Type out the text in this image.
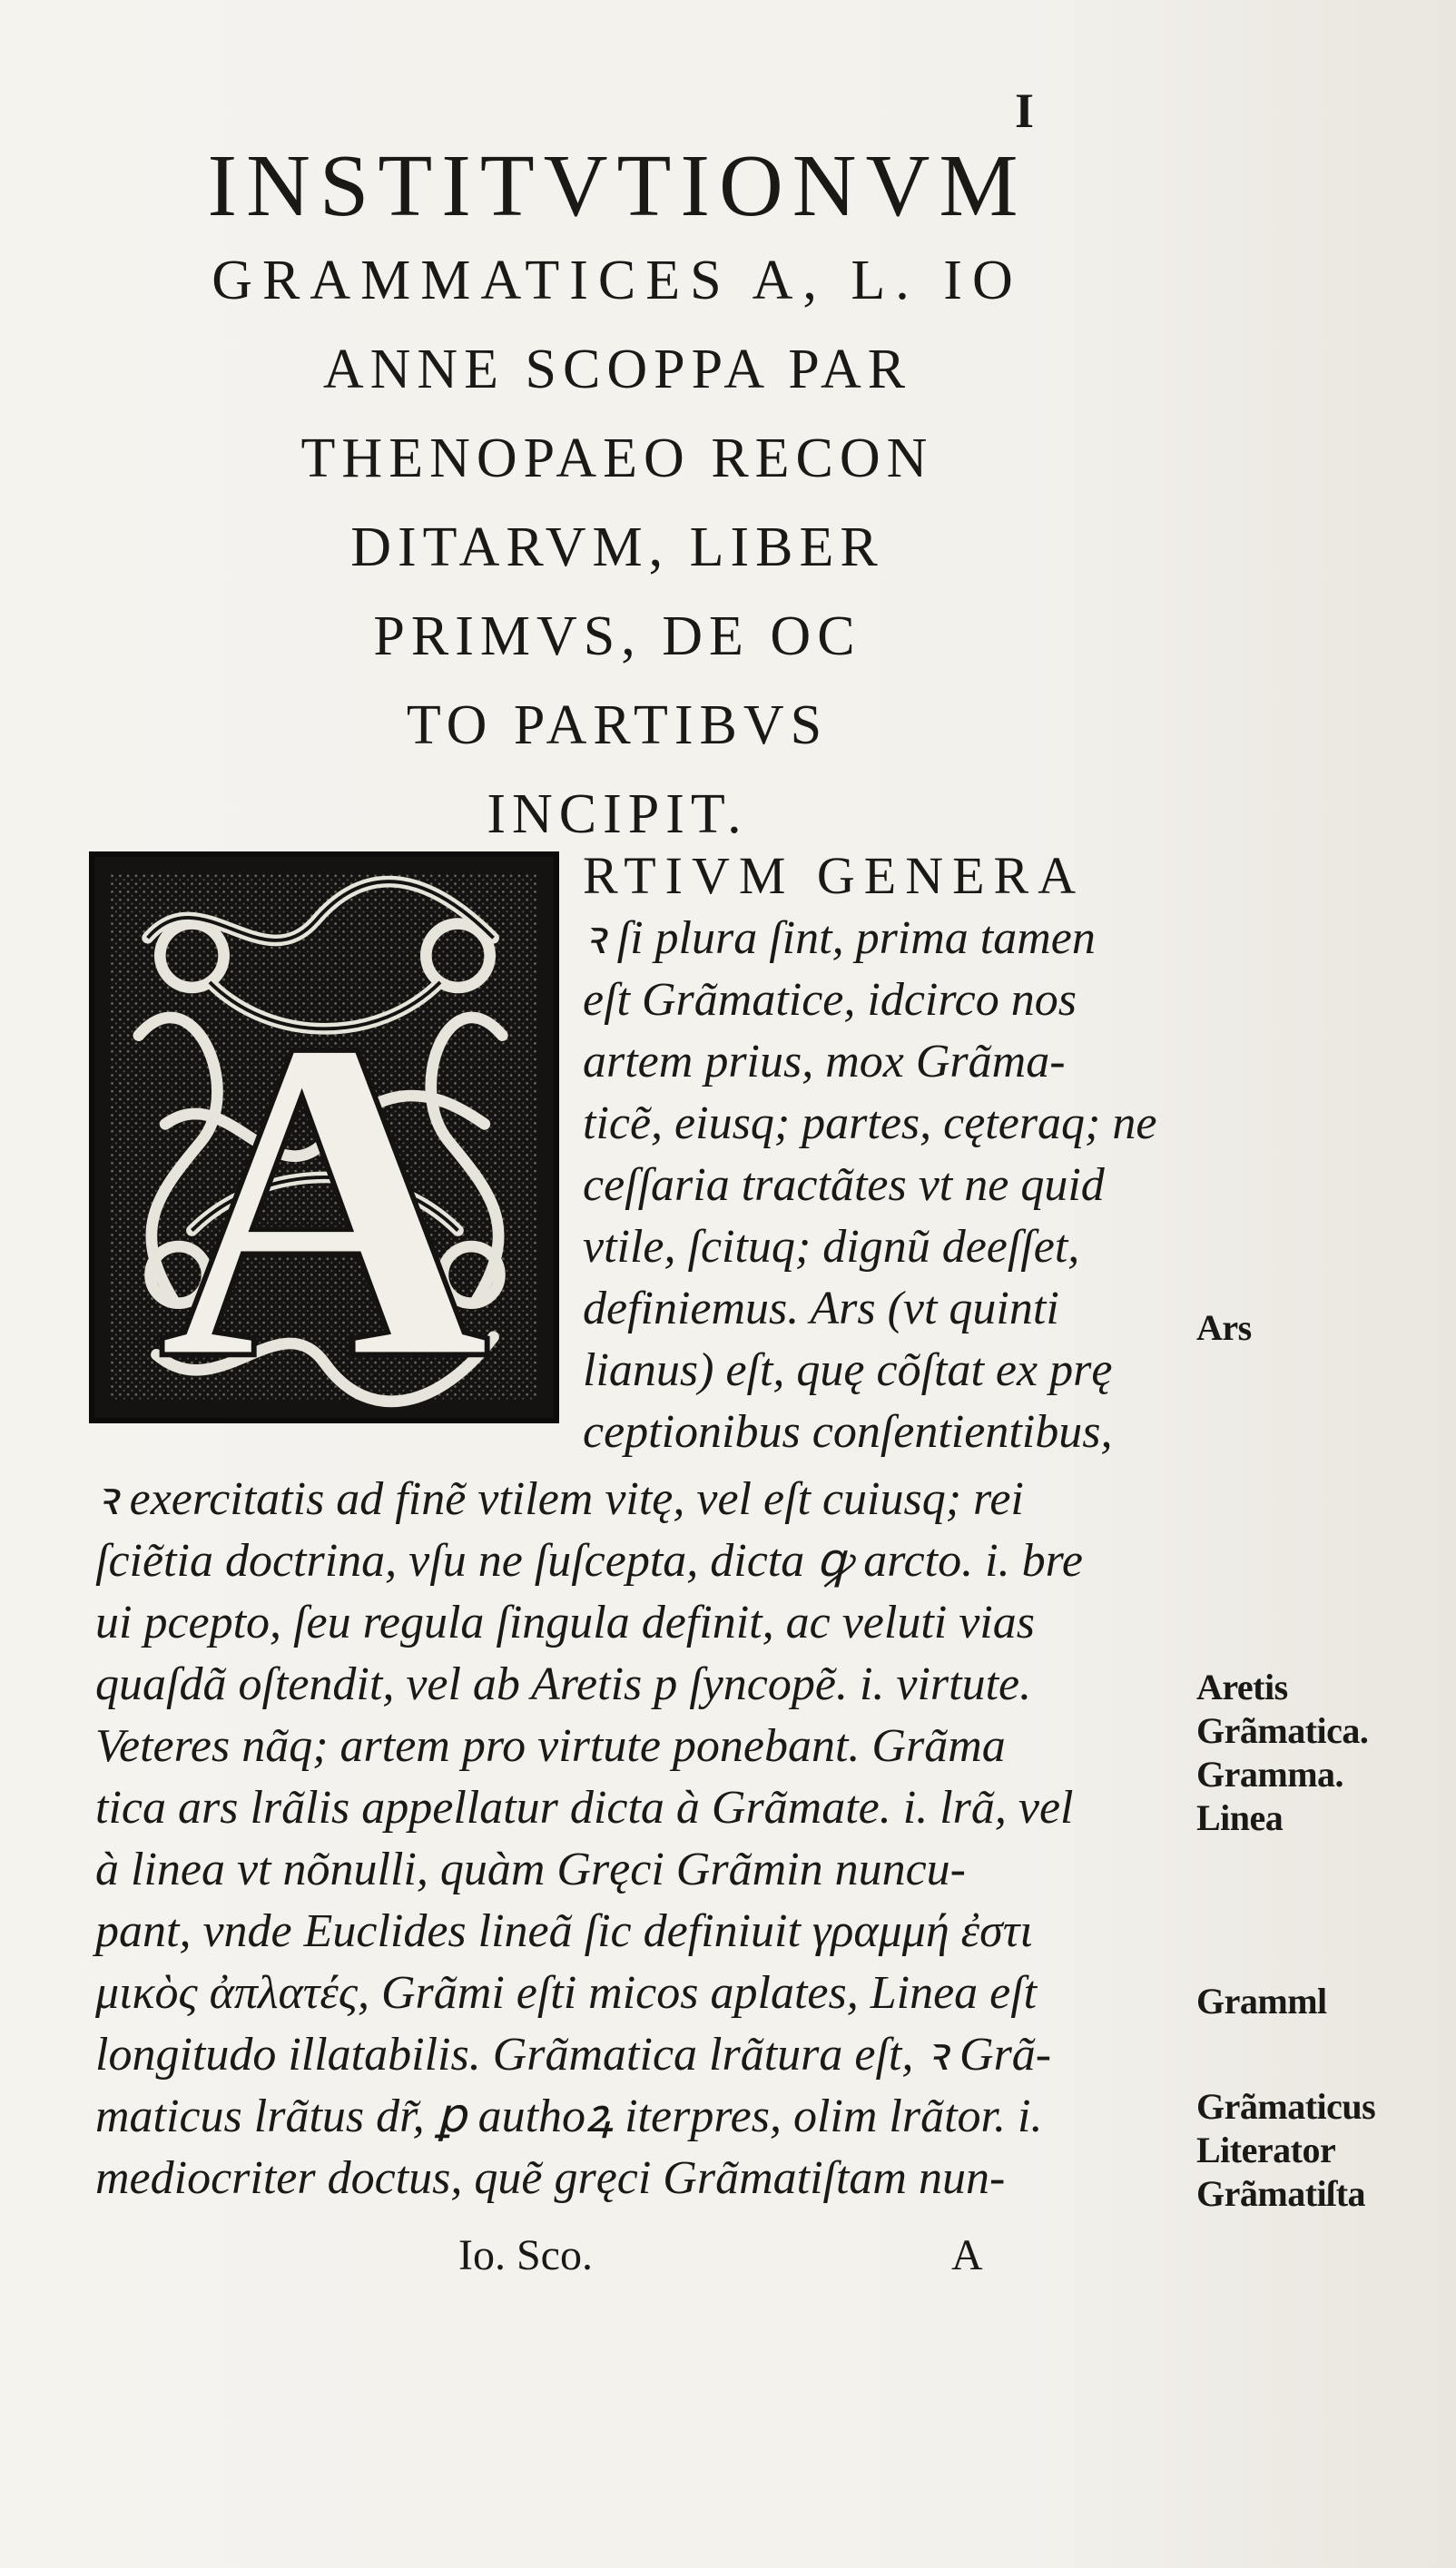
I
INSTITVTIONVM
GRAMMATICES A, L. IO
ANNE SCOPPA PAR
THENOPAEO RECON
DITARVM, LIBER
PRIMVS, DE OC
TO PARTIBVS
INCIPIT.
A
RTIVM GENERA
ꝛ ſi plura ſint, prima tamen
eſt Grãmatice, idcirco nos
artem prius, mox Grãma-
ticẽ, eiusq; partes, cęteraq; ne
ceſſaria tractãtes vt ne quid
vtile, ſcituq; dignũ deeſſet,
definiemus. Ars (vt quinti
lianus) eſt, quę cõſtat ex prę
ceptionibus conſentientibus,
ꝛ exercitatis ad finẽ vtilem vitę, vel eſt cuiusq; rei
ſciẽtia doctrina, vſu ne ſuſcepta, dicta ꝙ arcto. i. bre
ui pcepto, ſeu regula ſingula definit, ac veluti vias
quaſdã oſtendit, vel ab Aretis p ſyncopẽ. i. virtute.
Veteres nãq; artem pro virtute ponebant. Grãma
tica ars lrãlis appellatur dicta à Grãmate. i. lrã, vel
à linea vt nõnulli, quàm Gręci Grãmin nuncu-
pant, vnde Euclides lineã ſic definiuit γραμμή ἐστι
μικὸς ἀπλατές, Grãmi eſti micos aplates, Linea eſt
longitudo illatabilis. Grãmatica lrãtura eſt, ꝛ Grã-
maticus lrãtus dr̃, ꝑ authoꝝ iterpres, olim lrãtor. i.
mediocriter doctus, quẽ gręci Grãmatiſtam nun-
Ars
Aretis
Grãmatica.
Gramma.
Linea
Gramml
Grãmaticus
Literator
Grãmatiſta
Io. Sco.	A
